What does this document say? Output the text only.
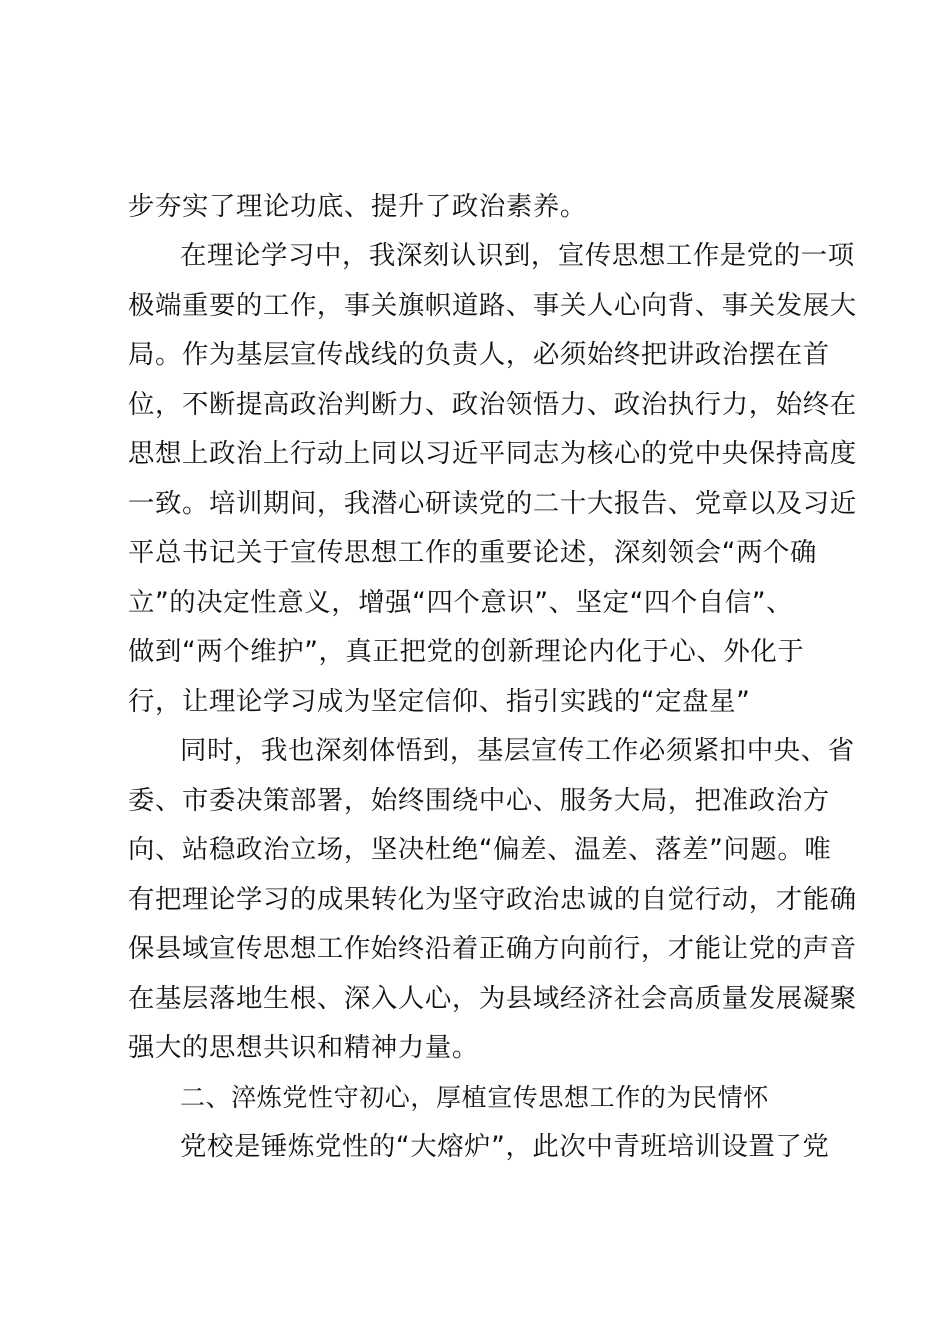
步夯实了理论功底、提升了政治素养。
在理论学习中，我深刻认识到，宣传思想工作是党的一项
极端重要的工作，事关旗帜道路、事关人心向背、事关发展大
局。作为基层宣传战线的负责人，必须始终把讲政治摆在首
位，不断提高政治判断力、政治领悟力、政治执行力，始终在
思想上政治上行动上同以习近平同志为核心的党中央保持高度
一致。培训期间，我潜心研读党的二十大报告、党章以及习近
平总书记关于宣传思想工作的重要论述，深刻领会“两个确
立”的决定性意义，增强“四个意识”、坚定“四个自信”、
做到“两个维护”，真正把党的创新理论内化于心、外化于
行，让理论学习成为坚定信仰、指引实践的“定盘星”
同时，我也深刻体悟到，基层宣传工作必须紧扣中央、省
委、市委决策部署，始终围绕中心、服务大局，把准政治方
向、站稳政治立场，坚决杜绝“偏差、温差、落差”问题。唯
有把理论学习的成果转化为坚守政治忠诚的自觉行动，才能确
保县域宣传思想工作始终沿着正确方向前行，才能让党的声音
在基层落地生根、深入人心，为县域经济社会高质量发展凝聚
强大的思想共识和精神力量。
二、淬炼党性守初心，厚植宣传思想工作的为民情怀
党校是锤炼党性的“大熔炉”，此次中青班培训设置了党
